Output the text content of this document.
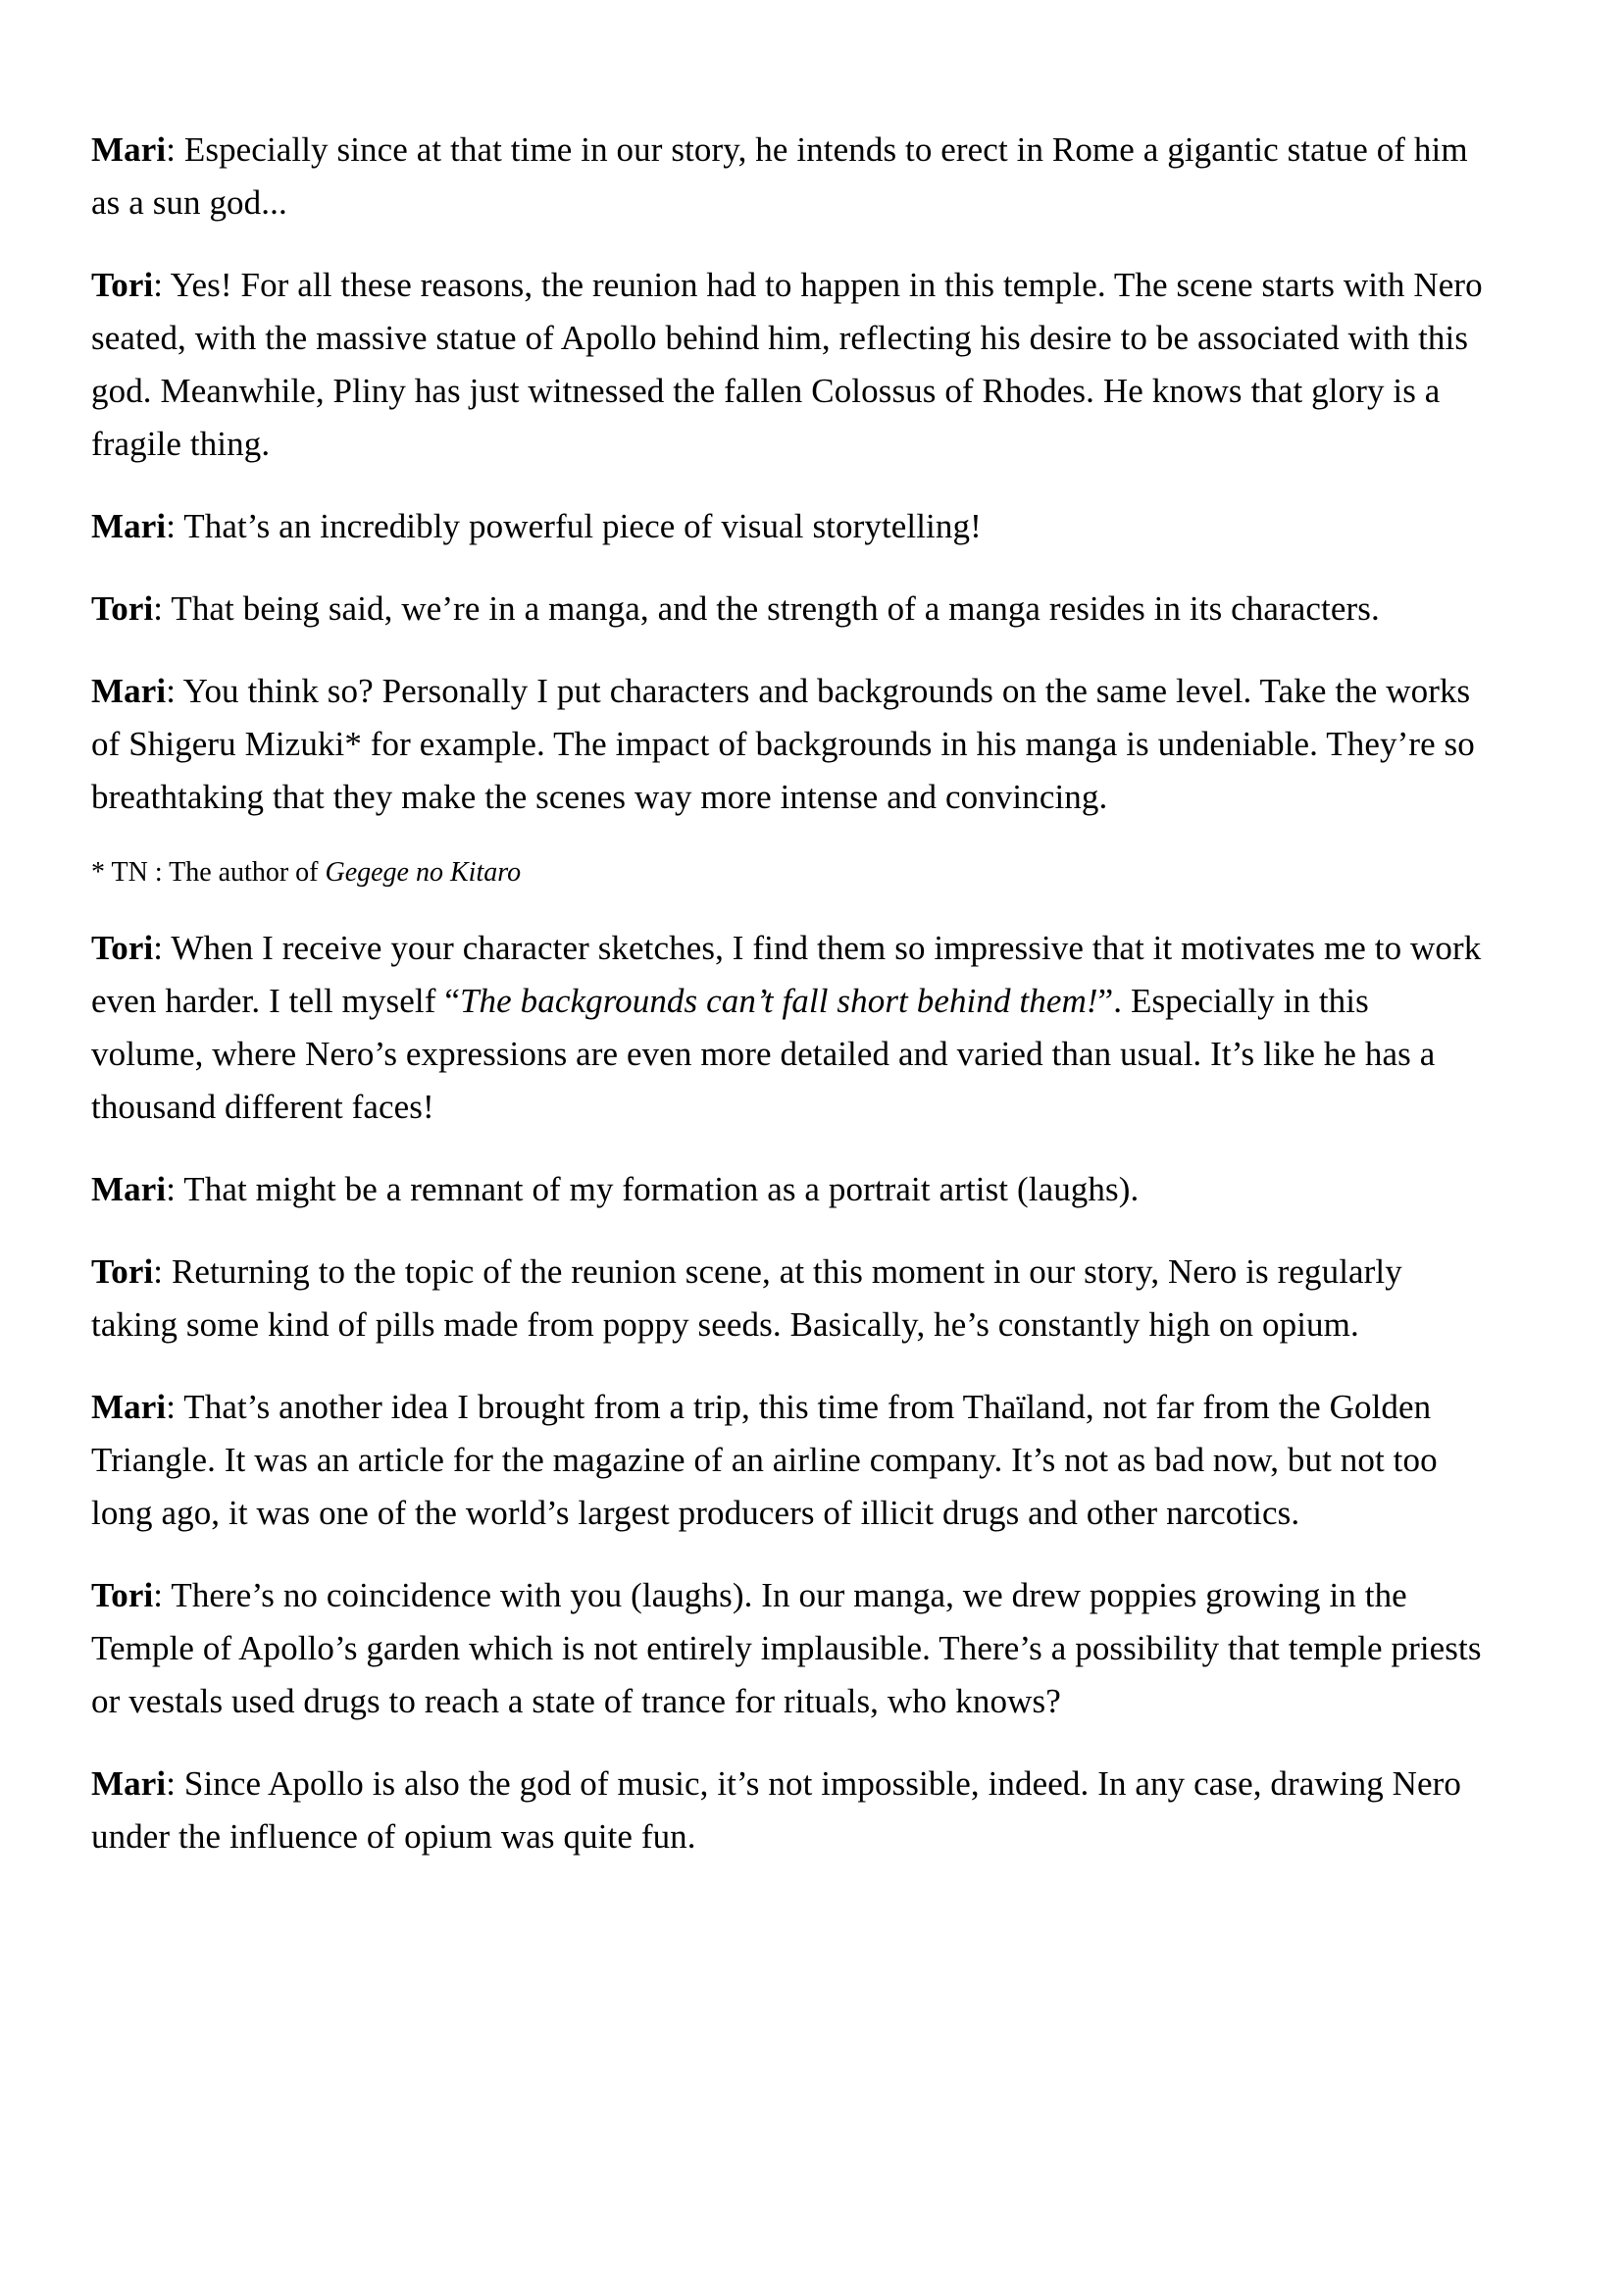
Mari: Especially since at that time in our story, he intends to erect in Rome a gigantic statue of him as a sun god...

Tori: Yes! For all these reasons, the reunion had to happen in this temple. The scene starts with Nero seated, with the massive statue of Apollo behind him, reflecting his desire to be associated with this god. Meanwhile, Pliny has just witnessed the fallen Colossus of Rhodes. He knows that glory is a fragile thing.

Mari: That’s an incredibly powerful piece of visual storytelling!

Tori: That being said, we’re in a manga, and the strength of a manga resides in its characters.

Mari: You think so? Personally I put characters and backgrounds on the same level. Take the works of Shigeru Mizuki* for example. The impact of backgrounds in his manga is undeniable. They’re so breathtaking that they make the scenes way more intense and convincing.

* TN : The author of Gegege no Kitaro

Tori: When I receive your character sketches, I find them so impressive that it motivates me to work even harder. I tell myself “The backgrounds can’t fall short behind them!”. Especially in this volume, where Nero’s expressions are even more detailed and varied than usual. It’s like he has a thousand different faces!

Mari: That might be a remnant of my formation as a portrait artist (laughs).

Tori: Returning to the topic of the reunion scene, at this moment in our story, Nero is regularly taking some kind of pills made from poppy seeds. Basically, he’s constantly high on opium.

Mari: That’s another idea I brought from a trip, this time from Thaïland, not far from the Golden Triangle. It was an article for the magazine of an airline company. It’s not as bad now, but not too long ago, it was one of the world’s largest producers of illicit drugs and other narcotics.

Tori: There’s no coincidence with you (laughs). In our manga, we drew poppies growing in the Temple of Apollo’s garden which is not entirely implausible. There’s a possibility that temple priests or vestals used drugs to reach a state of trance for rituals, who knows?

Mari: Since Apollo is also the god of music, it’s not impossible, indeed. In any case, drawing Nero under the influence of opium was quite fun.
